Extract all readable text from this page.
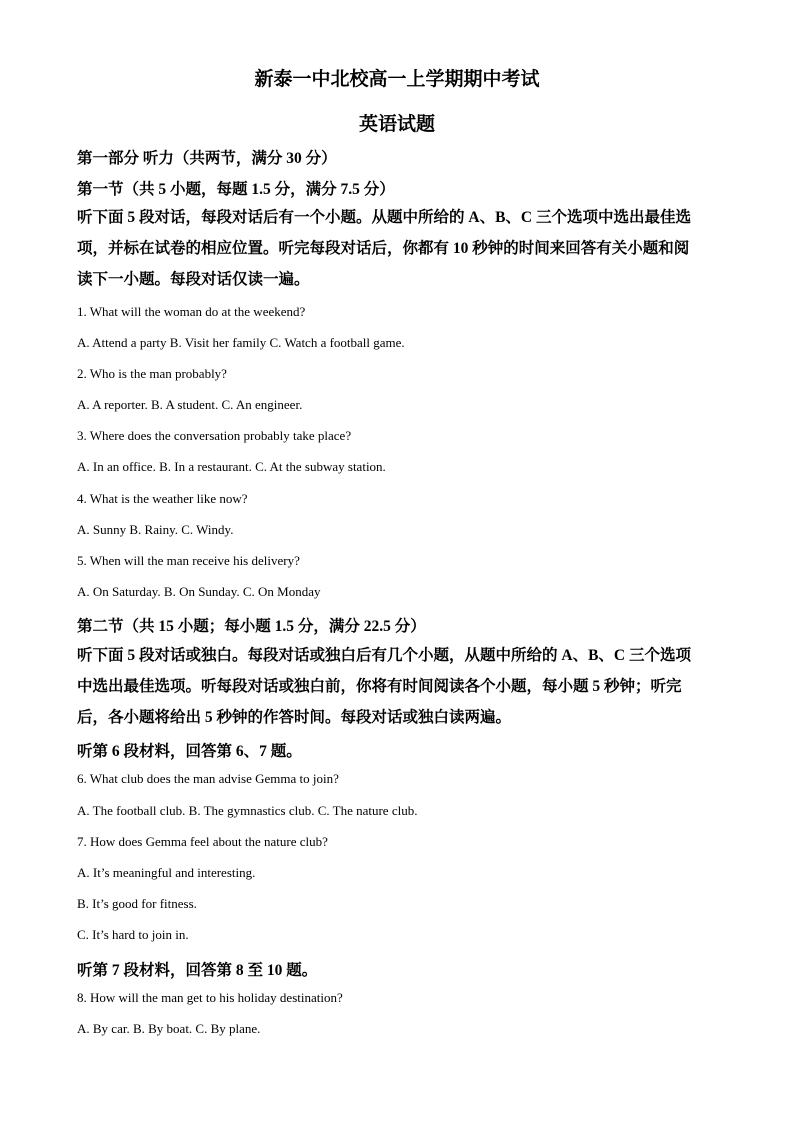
新泰一中北校高一上学期期中考试
英语试题
第一部分 听力（共两节，满分 30 分）
第一节（共 5 小题，每题 1.5 分，满分 7.5 分）
听下面 5 段对话，每段对话后有一个小题。从题中所给的 A、B、C 三个选项中选出最佳选
项，并标在试卷的相应位置。听完每段对话后，你都有 10 秒钟的时间来回答有关小题和阅
读下一小题。每段对话仅读一遍。
1. What will the woman do at the weekend?
A. Attend a party B. Visit her family C. Watch a football game.
2. Who is the man probably?
A. A reporter. B. A student. C. An engineer.
3. Where does the conversation probably take place?
A. In an office. B. In a restaurant. C. At the subway station.
4. What is the weather like now?
A. Sunny B. Rainy. C. Windy.
5. When will the man receive his delivery?
A. On Saturday. B. On Sunday. C. On Monday
第二节（共 15 小题；每小题 1.5 分，满分 22.5 分）
听下面 5 段对话或独白。每段对话或独白后有几个小题，从题中所给的 A、B、C 三个选项
中选出最佳选项。听每段对话或独白前，你将有时间阅读各个小题，每小题 5 秒钟；听完
后，各小题将给出 5 秒钟的作答时间。每段对话或独白读两遍。
听第 6 段材料，回答第 6、7 题。
6. What club does the man advise Gemma to join?
A. The football club. B. The gymnastics club. C. The nature club.
7. How does Gemma feel about the nature club?
A. It’s meaningful and interesting.
B. It’s good for fitness.
C. It’s hard to join in.
听第 7 段材料，回答第 8 至 10 题。
8. How will the man get to his holiday destination?
A. By car. B. By boat. C. By plane.
